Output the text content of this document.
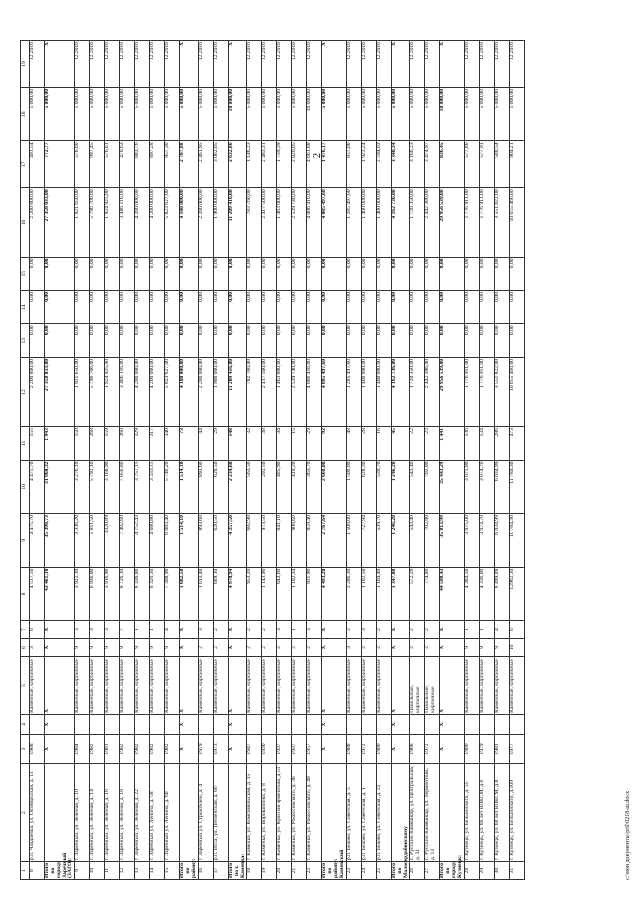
2
1	2	3	4	5	6	7	8	9	10	11	12	13	14	15	16	17	18	19
8	р.п. Чаадаевка, ул. Октябрьская, д. 11	1988		Каменные, кирпичные	3	6	4 517,50	4 475,70	4 475,70	155	2 200 800,00	0,00	0,00	0,00	2 200 800,00	491,54	5 000,00	12.2016
Итого по городу Заречный (ЗАТО):		X	X	X	X	X	43 461,10	35 398,73	31 960,32	1 943	27 358 033,00	0,00	0,00	0,00	27 358 033,00	772,77	5 000,00	X
9	г. Заречный, ул. Зеленая, д. 10	1984		Каменные, кирпичные	9	3	3 922,10	3 336,20	3 276,10	150	1 921 650,00	0,00	0,00	0,00	1 921 650,00	576,60	5 000,00	12.2016
10	г. Заречный, ул. Зеленая, д. 14	1982		Каменные, кирпичные	9	3	6 936,00	5 811,50	5 792,10	268	5 796 706,00	0,00	0,00	0,00	5 796 706,00	997,45	5 000,00	12.2016
11	г. Заречный, ул. Зеленая, д. 16	1981		Каменные, кирпичные	9	3	3 916,90	3320,89	3 168,90	159	1 924 925,00	0,00	0,00	0,00	1 924 925,00	576,61	5 000,00	12.2016
12	г. Заречный, ул. Зеленая, д. 18	1982		Каменные, кирпичные	9	7	8 726,10	7 402,60	7 056,80	360	3 486 116,00	0,00	0,00	0,00	3 486 116,00	470,63	5 000,00	12.2016
13	г. Заречный, ул. Зеленая, д. 22	1982		Каменные, кирпичные	9	1	6 336,80	4 752,43	3 757,11	329	4 200 000,00	0,00	0,00	0,00	4 200 000,00	883,76	5 000,00	12.2016
14	г. Заречный ул. Ленина, д. 58	1982		Каменные, кирпичные	9	1	6 326,30	4 680,80	3 233,11	317	4 200 000,00	0,00	0,00	0,00	4 200 000,00	897,28	5 000,00	12.2016
15	г. Заречный ул. Ленина, д. 60	1982		Каменные, кирпичные	9	4	7 308,90	6 083,40	5 746,20	340	5 823 627,00	0,00	0,00	0,00	5 823 627,00	957,30	5 000,00	12.2016
Итого по району:		X	X	X	X	X	1 682,50	1 514,10	1 514,10	73	4 100 000,00	0,00	0,00	0,00	4 100 000,00	2 707,88	5 000,00	X
16	г. Заречный ул. Строителей, д. 4	1979		Каменные, кирпичные	2	3	1 013,40	893,60	893,60	44	2 200 000,00	0,00	0,00	0,00	2 200 000,00	2 461,95	5 000,00	12.2016
17	р.п. Исса, ул. Пензенская, д. 66	1973		Каменные, кирпичные	2	2	669,10	620,50	620,50	29	1 900 000,00	0,00	0,00	0,00	1 900 000,00	3 062,05	5 000,00	12.2016
Итого по г. Каменка:		X	X	X	X	X	4 970,94	4 257,50	2 234,60	148	11 209 416,00	0,00	0,00	0,00	11 209 416,00	2 632,86	10 000,00	X
18	г. Каменка, ул. Комсомольская, д. 15	1947		Каменные, кирпичные	2	2	953,20	682,90	563,50	32	782 760,00	0,00	0,00	0,00	782 760,00	1 146,23	5 000,00	12.2016
19	г. Каменка, ул. Ворошилова, д. 8	1930		Каменные, кирпичные	2	2	1 143,90	973,50	292,50	38	2 417 500,00	0,00	0,00	0,00	2 417 500,00	2 483,31	5 000,00	12.2016
20	г. Каменка, ул. Красная армейская, д.51	1937		Каменные, кирпичные	2	3	843,60	841,10	485,90	34	1 463 000,00	0,00	0,00	0,00	1 463 000,00	1 739,39	5 000,00	12.2016
21	г. Каменка, ул. Рокоссовского, д. 36	1937		Каменные, кирпичные	2	1	1 102,34	900,60	419,20	15	2 539 740,00	0,00	0,00	0,00	2 539 740,00	2 820,05	5 000,00	12.2016
22	г. Каменка, ул. Рокоссовского, д. 40	1957		Каменные, кирпичные	2	3	931,90	859,40	363,70	29	4 006 416,00	0,00	0,00	0,00	4 006 416,00	4 661,88	10 000,00	12.2016
Итого по району: Каменский		X	X	X	X	X	4 493,20	2 767,64	2 668,00	92	4 085 497,60	0,00	0,00	0,00	4 085 497,60	1 476,17	5 000,00	X
23	р.п. Беково, ул. Советская, д. 5	1988		Каменные, кирпичные	3	2	2 286,30	1 500,00	1 500,00	48	1 285 497,60	0,00	0,00	0,00	1 285 497,60	857,00	5 000,00	12.2016
24	р.п. Беково, ул. Советская, д. 1	1972		Каменные, кирпичные	2	3	1 102,50	727,94	628,30	28	1 400 000,00	0,00	0,00	0,00	1 400 000,00	1 923,24	5 000,00	12.2016
25	р.п. Беково, ул. Советская, д. 22	1980		Каменные, кирпичные	2	2	1 104,40	539,70	539,70	16	1 400 000,00	0,00	0,00	0,00	1 400 000,00	2 594,03	5 000,00	12.2016
Итого по Малосердобинскому		X	X	X	X	X	1 347,00	1 246,20	1 246,20	45	4 162 736,00	0,00	0,00	0,00	4 162 736,00	3 340,34	5 000,00	X
26	с. Русский Камешкир, ул. Центральная, д. 31	1988		Панельные, кирпичные	2	2	572,20	543,40	543,40	22	1 720 350,00	0,00	0,00	0,00	1 720 350,00	3 166,23	5 000,00	12.2016
27	с. Русский Камешкир, ул. Лермонтова, д. 13	1972		Панельные, кирпичные	2	2	774,80	702,80	702,80	23	2 442 386,00	0,00	0,00	0,00	2 442 386,00	3 474,97	5 000,00	12.2016
Итого по городу Кузнецк:		X	X	X	X	X	44 598,43	35 813,99	35 443,29	1 441	29 956 539,00	0,00	0,00	0,00	29 956 539,00	836,45	10 000,00	X
28	г. Кузнецк, ул. Бельинского, д. 55	1980		Каменные, кирпичные	9	1	4 384,50	3 075,00	3 075,00	136	1 776 911,00	0,00	0,00	0,00	1 776 911,00	577,86	5 000,00	12.2016
29	г. Кузнецк, ул. 60 лет ВЛКСМ, д.6	1979		Каменные, кирпичные	9	1	4 336,00	3 074,70	3 074,70	134	1 776 911,00	0,00	0,00	0,00	1 776 911,00	577,91	5 000,00	12.2016
30	г. Кузнецк, ул. 60 лет ВЛКСМ, д.8	1981		Каменные, кирпичные	9	4	6 499,09	6 034,99	6 034,99	286	3 551 822,00	0,00	0,00	0,00	3 551 822,00	588,54	5 000,00	12.2016
31	г. Кузнецк, ул. Бельинского, д.109	1977		Каменные, кирпичные	10	6	12962,30	11 784,30	11 784,30	473	10 655 466,00	0,00	0,00	0,00	10 655 466,00	904,21	5 000,00	12.2016
c:\мои документы\pril\0218-ш.docx
